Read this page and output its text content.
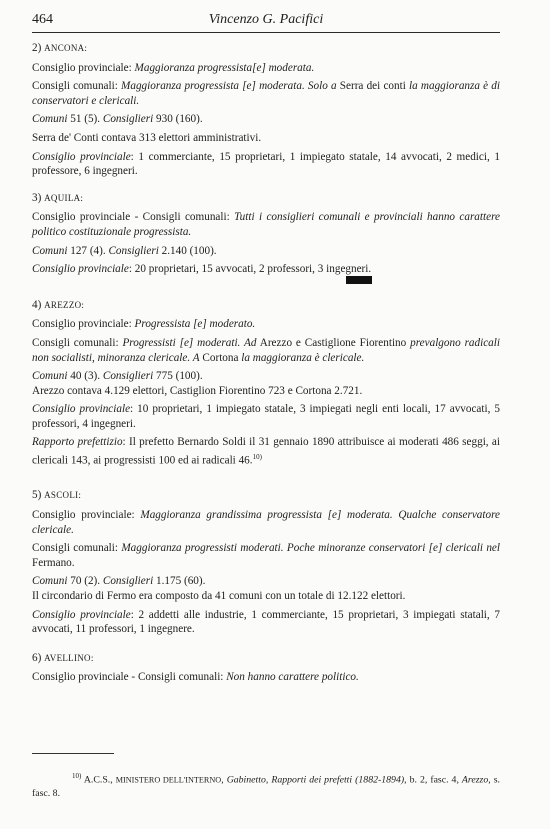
464	Vincenzo G. Pacifici
2) ANCONA:
Consiglio provinciale: Maggioranza progressista[e] moderata.
Consigli comunali: Maggioranza progressista [e] moderata. Solo a Serra dei conti la maggioranza è di conservatori e clericali.
Comuni 51 (5). Consiglieri 930 (160).
Serra de' Conti contava 313 elettori amministrativi.
Consiglio provinciale: 1 commerciante, 15 proprietari, 1 impiegato statale, 14 avvocati, 2 medici, 1 professore, 6 ingegneri.
3) AQUILA:
Consiglio provinciale - Consigli comunali: Tutti i consiglieri comunali e provinciali hanno carattere politico costituzionale progressista.
Comuni 127 (4). Consiglieri 2.140 (100).
Consiglio provinciale: 20 proprietari, 15 avvocati, 2 professori, 3 ingegneri.
4) AREZZO:
Consiglio provinciale: Progressista [e] moderato.
Consigli comunali: Progressisti [e] moderati. Ad Arezzo e Castiglione Fiorentino prevalgono radicali non socialisti, minoranza clericale. A Cortona la maggioranza è clericale.
Comuni 40 (3). Consiglieri 775 (100).
Arezzo contava 4.129 elettori, Castiglion Fiorentino 723 e Cortona 2.721.
Consiglio provinciale: 10 proprietari, 1 impiegato statale, 3 impiegati negli enti locali, 17 avvocati, 5 professori, 4 ingegneri.
Rapporto prefettizio: Il prefetto Bernardo Soldi il 31 gennaio 1890 attribuisce ai moderati 486 seggi, ai clericali 143, ai progressisti 100 ed ai radicali 46.$^{10)}$
5) ASCOLI:
Consiglio provinciale: Maggioranza grandissima progressista [e] moderata. Qualche conservatore clericale.
Consigli comunali: Maggioranza progressisti moderati. Poche minoranze conservatori [e] clericali nel Fermano.
Comuni 70 (2). Consiglieri 1.175 (60).
Il circondario di Fermo era composto da 41 comuni con un totale di 12.122 elettori.
Consiglio provinciale: 2 addetti alle industrie, 1 commerciante, 15 proprietari, 3 impiegati statali, 7 avvocati, 11 professori, 1 ingegnere.
6) AVELLINO:
Consiglio provinciale - Consigli comunali: Non hanno carattere politico.
$^{10)}$ A.C.S., MINISTERO DELL'INTERNO, Gabinetto, Rapporti dei prefetti (1882-1894), b. 2, fasc. 4, Arezzo, s. fasc. 8.
